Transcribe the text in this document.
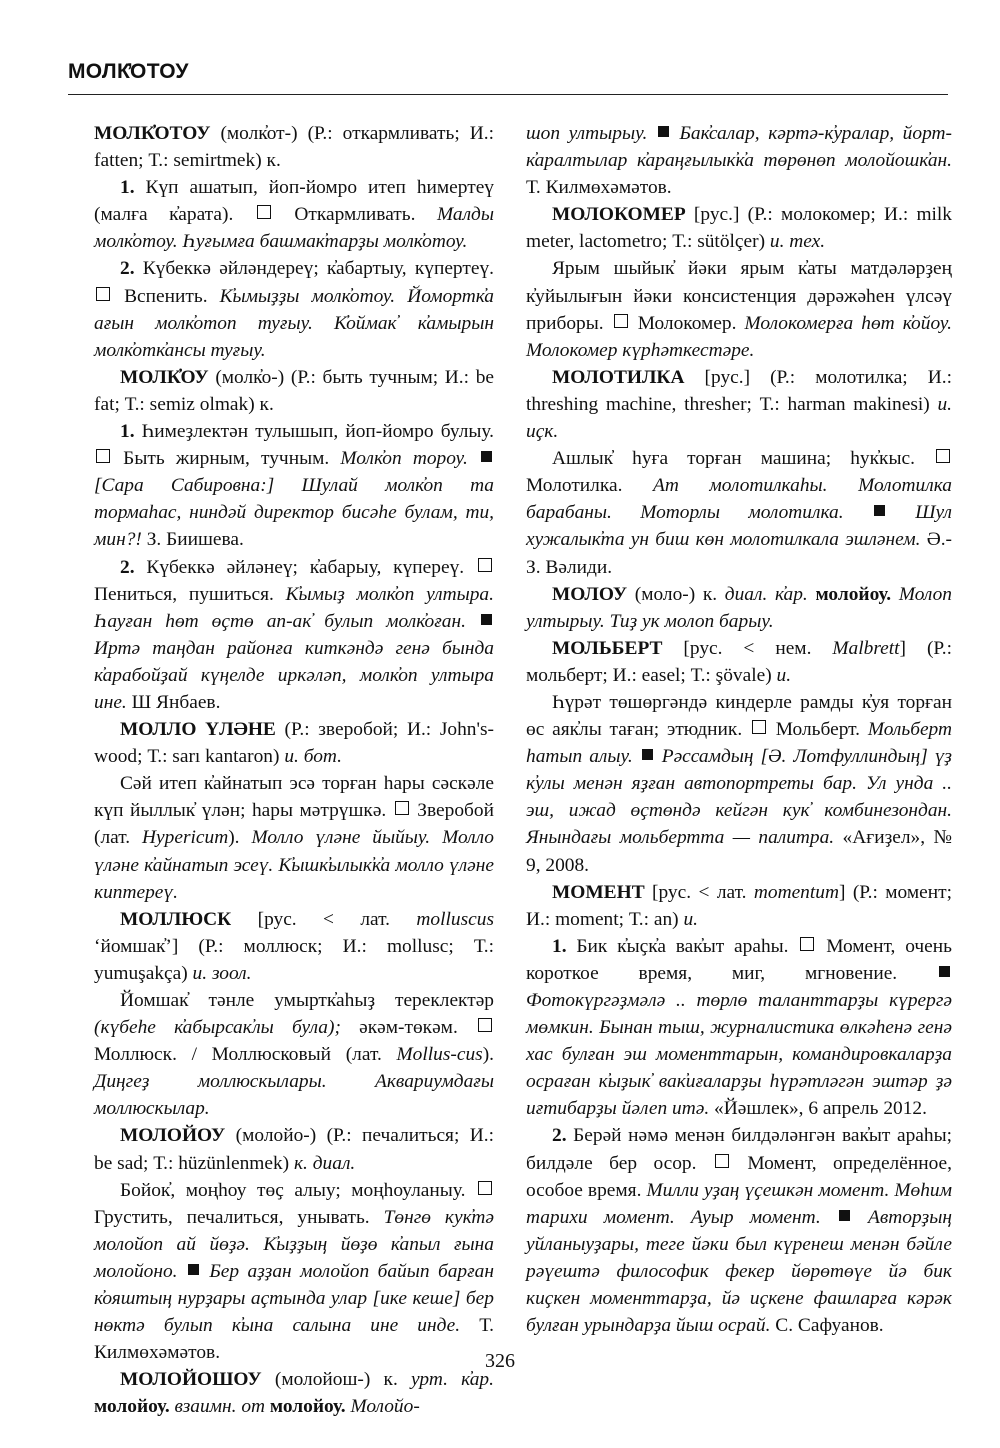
МОЛК̓ОТОУ

МОЛК̓ОТОУ (молк̓от-) (Р.: откармливать; И.: fatten; Т.: semirtmek) к.

1. Күп ашатып, йоп-йомро итеп һимертеү (малға к̓арата).  Откармливать. Малды молк̓отоу. Һуғымға башмак̓тарҙы молк̓отоу.

2. Күбеккә әйләндереү; к̓абартыу, күпертеү.  Вспенить. К̓ымыҙҙы молк̓отоу. Йомортк̓а ағын молк̓отоп туғыу. К̓оймак̓ к̓амырын молк̓отк̓ансы туғыу.

МОЛК̓ОУ (молк̓о-) (Р.: быть тучным; И.: be fat; Т.: semiz olmak) к.

1. Һимеҙлектән тулышып, йоп-йомро булыу.  Быть жирным, тучным. Молк̓оп тороу.  [Сара Сабировна:] Шулай молк̓оп та тормаһас, ниндәй директор бисәһе булам, ти, мин?! З. Биишева.

2. Күбеккә әйләнеү; к̓абарыу, күпереү.  Пениться, пушиться. К̓ымыҙ молк̓оп ултыра. Һауған һөт өҫтө ап-ак̓ булып молк̓оған.  Иртә таңдан районға киткәндә генә бында к̓арабойҙай күңелде иркәләп, молк̓оп ултыра ине. Ш Янбаев.

МОЛЛО ҮЛӘНЕ (Р.: зверобой; И.: John's-wood; Т.: sarı kantaron) и. бот.

Сәй итеп к̓айнатып эсә торған һары сәскәле күп йыллык̓ үлән; һары мәтрүшкә.  Зверобой (лат. Hypericum). Молло үләне йыйыу. Молло үләне к̓айнатып эсеү. К̓ышк̓ылык̓к̓а молло үләне киптереү.

МОЛЛЮСК [рус. < лат. molluscus ‘йомшак̓’] (Р.: моллюск; И.: mollusc; Т.: yumuşakça) и. зоол.

Йомшак̓ тәнле умыртк̓аһыҙ тереклектәр (күбеһе к̓абырсак̓лы була); әкәм-төкәм.  Моллюск. / Моллюсковый (лат. Mollus-cus). Диңгеҙ моллюскылары. Аквариумдағы моллюскылар.

МОЛОЙОУ (молойо-) (Р.: печалиться; И.: be sad; Т.: hüzünlenmek) к. диал.

Бойок̓, моңһоу төҫ алыу; моңһоуланыу.  Грустить, печалиться, унывать. Төнгө кук̓тә молойоп ай йөҙә. К̓ыҙҙың йөҙө к̓апыл ғына молойоно. Бер аҙҙан молойоп байып барған к̓ояштың нурҙары аҫтында улар [ике кеше] бер нөктә булып к̓ына салына ине инде. Т. Килмөхәмәтов.

МОЛОЙОШОУ (молойош-) к. урт. к̓ар. молойоу. взаимн. от молойоу. Молойо-

шоп ултырыу. Бак̓салар, кәртә-к̓уралар, йорт-к̓аралтылар к̓араңғылык̓к̓а төрөнөп молойошк̓ан. Т. Килмөхәмәтов.

МОЛОКОМЕР [рус.] (Р.: молокомер; И.: milk meter, lactometro; Т.: sütölçer) и. тех.

Ярым шыйык̓ йәки ярым к̓аты матдәләрҙең к̓уйылығын йәки консистенция дәрәжәһен үлсәү приборы.  Молокомер. Молокомерға һөт к̓ойоу. Молокомер күрһәткестәре.

МОЛОТИЛКА [рус.] (Р.: молотилка; И.: threshing machine, thresher; Т.: harman makinesi) и. иҫк.

Ашлык̓ һуға торған машина; һук̓кыс.  Молотилка. Ат молотилкаһы. Молотилка барабаны. Моторлы молотилка.	Шул хужалык̓та ун биш көн молотилкала эшләнем. Ә.-З. Вәлиди.

МОЛОУ (моло-) к. диал. к̓ар. молойоу. Молоп ултырыу. Тиҙ ук молоп барыу.

МОЛЬБЕРТ [рус. < нем. Malbrett] (Р.: мольберт; И.: easel; Т.: şövale) и.

Һүрәт төшөргәндә киндерле рамды к̓уя торған өс аяк̓лы таған; этюдник.  Мольберт. Мольберт һатып алыу. Рәссамдың [Ә. Лотфуллиндың] үҙ к̓улы менән яҙған автопортреты бар. Ул унда .. эш, ижад өҫтөндә кейгән кук̓ комбинезондан. Янындағы мольбертта — палитра. «Ағиҙел», № 9, 2008.

МОМЕНТ [рус. < лат. momentum] (Р.: момент; И.: moment; Т.: an) и.

1. Бик к̓ыҫк̓а вак̓ыт араһы.  Момент, очень короткое время, миг, мгновение.  Фотокүргәҙмәлә .. төрлө таланттарҙы күрергә мөмкин. Бынан тыш, журналистика өлкәһенә генә хас булған эш моменттарын, командировкаларҙа осраған к̓ыҙык̓ вак̓иғаларҙы һүрәтләгән эштәр ҙә иғтибарҙы йәлеп итә. «Йәшлек», 6 апрель 2012.

2. Берәй нәмә менән билдәләнгән вак̓ыт араһы; билдәле бер осор.  Момент, определённое, особое время. Милли уҙаң үҫешкән момент. Мөһим тарихи момент. Ауыр момент. Авторҙың уйланыуҙары, теге йәки был күренеш менән бәйле рәүештә философик фекер йөрөтөүе йә бик киҫкен моменттарҙа, йә иҫкене фашларға кәрәк булған урындарҙа йыш осрай. С. Сафуанов.

326
